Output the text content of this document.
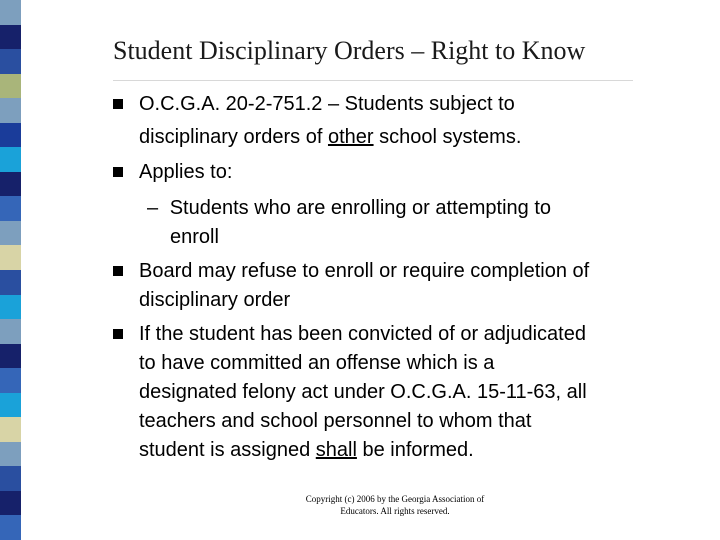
Student Disciplinary Orders – Right to Know
O.C.G.A. 20-2-751.2 – Students subject to
disciplinary orders of other school systems.
Applies to:
– Students who are enrolling or attempting to
enroll
Board may refuse to enroll or require completion of
disciplinary order
If the student has been convicted of or adjudicated
to have committed an offense which is a
designated felony act under O.C.G.A. 15-11-63, all
teachers and school personnel to whom that
student is assigned shall be informed.
Copyright (c) 2006 by the Georgia Association of
Educators. All rights reserved.
